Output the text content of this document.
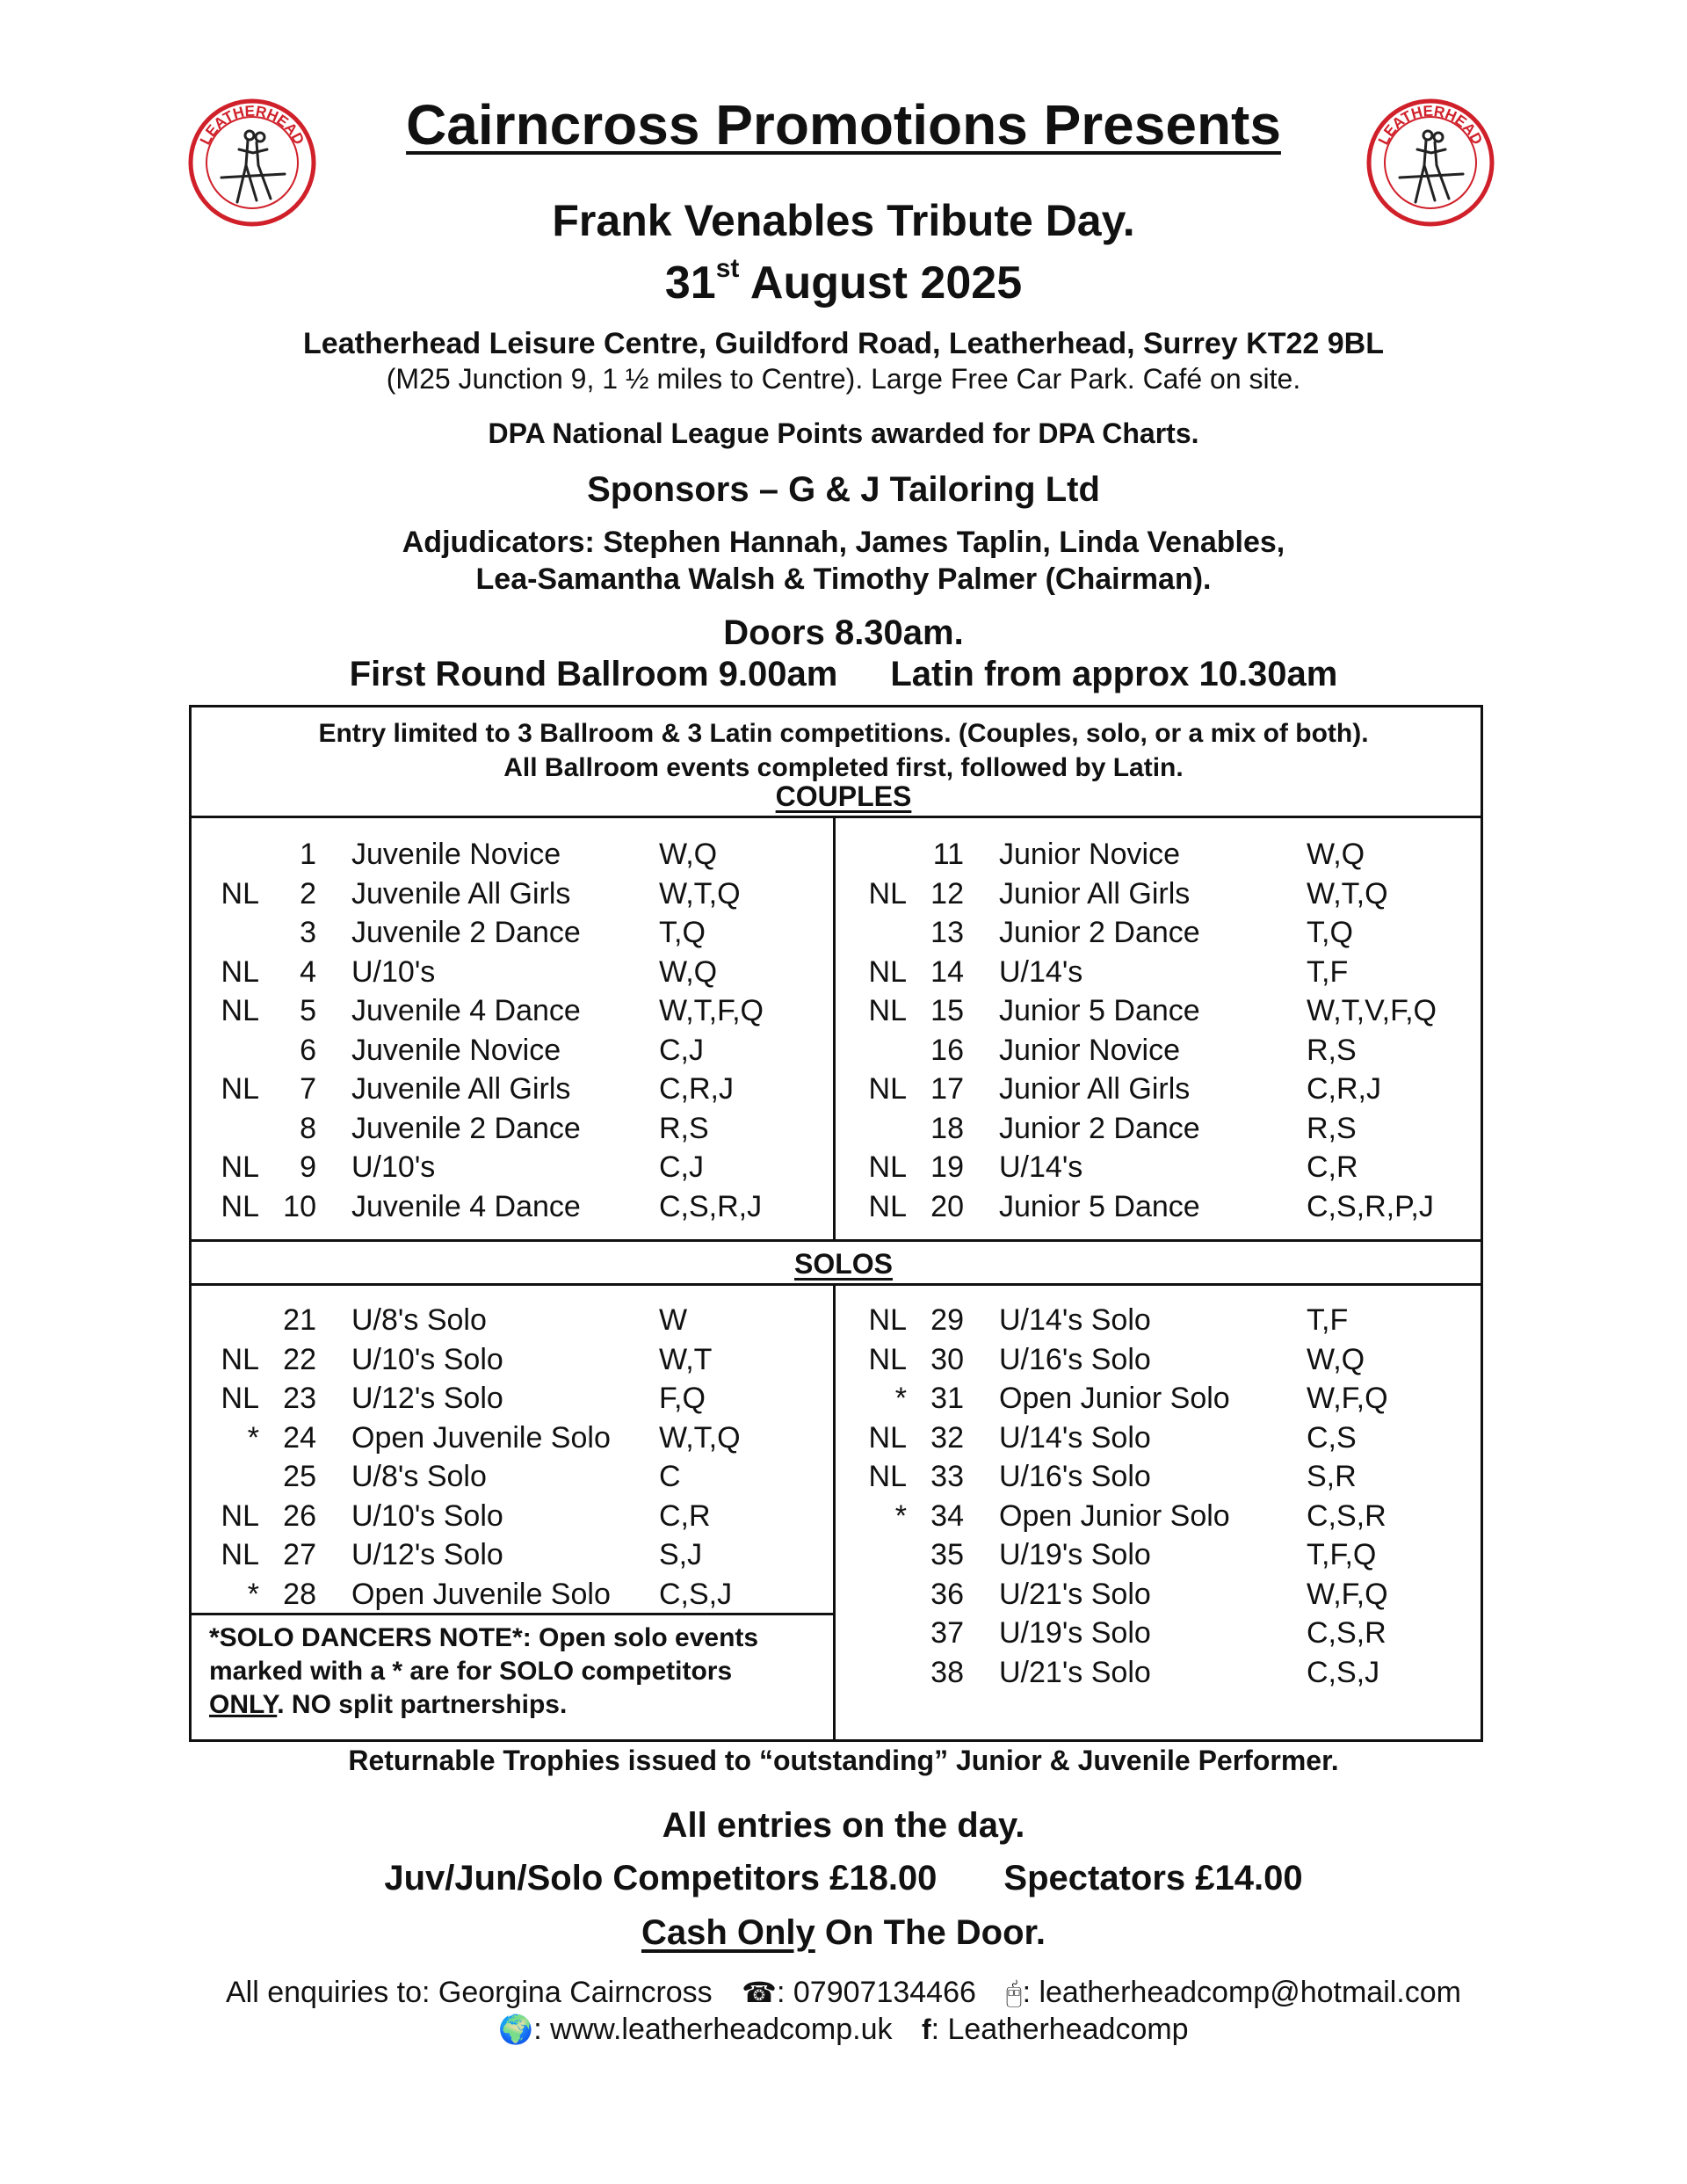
LEATHERHEAD	LEATHERHEAD
Cairncross Promotions Presents
Frank Venables Tribute Day.
31st August 2025
Leatherhead Leisure Centre, Guildford Road, Leatherhead, Surrey KT22 9BL
(M25 Junction 9, 1 ½ miles to Centre). Large Free Car Park. Café on site.
DPA National League Points awarded for DPA Charts.
Sponsors – G & J Tailoring Ltd
Adjudicators: Stephen Hannah, James Taplin, Linda Venables,
Lea-Samantha Walsh & Timothy Palmer (Chairman).
Doors 8.30am.
First Round Ballroom 9.00am Latin from approx 10.30am
Entry limited to 3 Ballroom & 3 Latin competitions. (Couples, solo, or a mix of both).
All Ballroom events completed first, followed by Latin.
COUPLES
SOLOS
1 Juvenile Novice	W,Q
NL	2 Juvenile All Girls	W,T,Q
3 Juvenile 2 Dance	T,Q
NL	4 U/10's	W,Q
NL	5 Juvenile 4 Dance	W,T,F,Q
6 Juvenile Novice	C,J
NL	7 Juvenile All Girls	C,R,J
8 Juvenile 2 Dance	R,S
NL	9 U/10's	C,J
NL 10 Juvenile 4 Dance	C,S,R,J
11 Junior Novice	W,Q
NL 12 Junior All Girls	W,T,Q
13 Junior 2 Dance	T,Q
NL 14 U/14's	T,F
NL 15 Junior 5 Dance	W,T,V,F,Q
16 Junior Novice	R,S
NL 17 Junior All Girls	C,R,J
18 Junior 2 Dance	R,S
NL 19 U/14's	C,R
NL 20 Junior 5 Dance	C,S,R,P,J
21 U/8's Solo	W
NL 22 U/10's Solo	W,T
NL 23 U/12's Solo	F,Q
* 24 Open Juvenile Solo W,T,Q
25 U/8's Solo	C
NL 26 U/10's Solo	C,R
NL 27 U/12's Solo	S,J
* 28 Open Juvenile Solo C,S,J
NL 29 U/14's Solo	T,F
NL 30 U/16's Solo	W,Q
* 31 Open Junior Solo	W,F,Q
NL 32 U/14's Solo	C,S
NL 33 U/16's Solo	S,R
* 34 Open Junior Solo	C,S,R
35 U/19's Solo	T,F,Q
36 U/21's Solo	W,F,Q
37 U/19's Solo	C,S,R
38 U/21's Solo	C,S,J
*SOLO DANCERS NOTE*: Open solo events
marked with a * are for SOLO competitors
ONLY. NO split partnerships.
Returnable Trophies issued to “outstanding” Junior & Juvenile Performer.
All entries on the day.
Juv/Jun/Solo Competitors £18.00 Spectators £14.00
Cash Only On The Door.
All enquiries to: Georgina Cairncross ☎: 07907134466 🖰: leatherheadcomp@hotmail.com
🌍: www.leatherheadcomp.uk f: Leatherheadcomp
